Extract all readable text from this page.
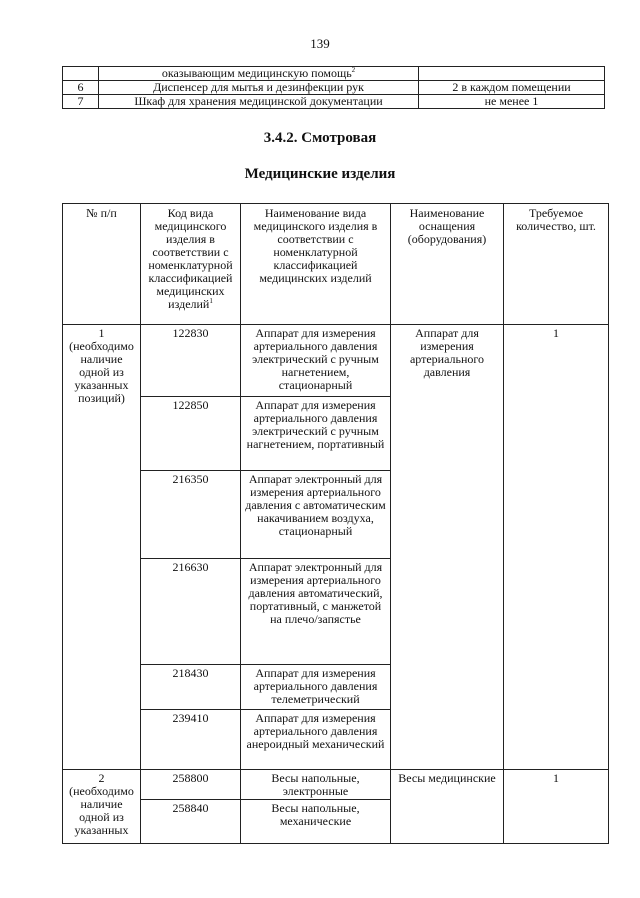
139
	оказывающим медицинскую помощь$^2$	
6	Диспенсер для мытья и дезинфекции рук	2 в каждом помещении
7	Шкаф для хранения медицинской документации	не менее 1
3.4.2. Смотровая
Медицинские изделия
№ п/п	Код вида медицинского изделия в соответствии с номенклатурной классификацией медицинских изделий$^1$	Наименование вида медицинского изделия в соответствии с номенклатурной классификацией медицинских изделий	Наименование оснащения (оборудования)	Требуемое количество, шт.
1 (необходимо наличие одной из указанных позиций)	122830	Аппарат для измерения артериального давления электрический с ручным нагнетением, стационарный	Аппарат для измерения артериального давления	1
	122850	Аппарат для измерения артериального давления электрический с ручным нагнетением, портативный		
	216350	Аппарат электронный для измерения артериального давления с автоматическим накачиванием воздуха, стационарный		
	216630	Аппарат электронный для измерения артериального давления автоматический, портативный, с манжетой на плечо/запястье		
	218430	Аппарат для измерения артериального давления телеметрический		
	239410	Аппарат для измерения артериального давления анероидный механический		
2 (необходимо наличие одной из указанных	258800	Весы напольные, электронные	Весы медицинские	1
	258840	Весы напольные, механические		
